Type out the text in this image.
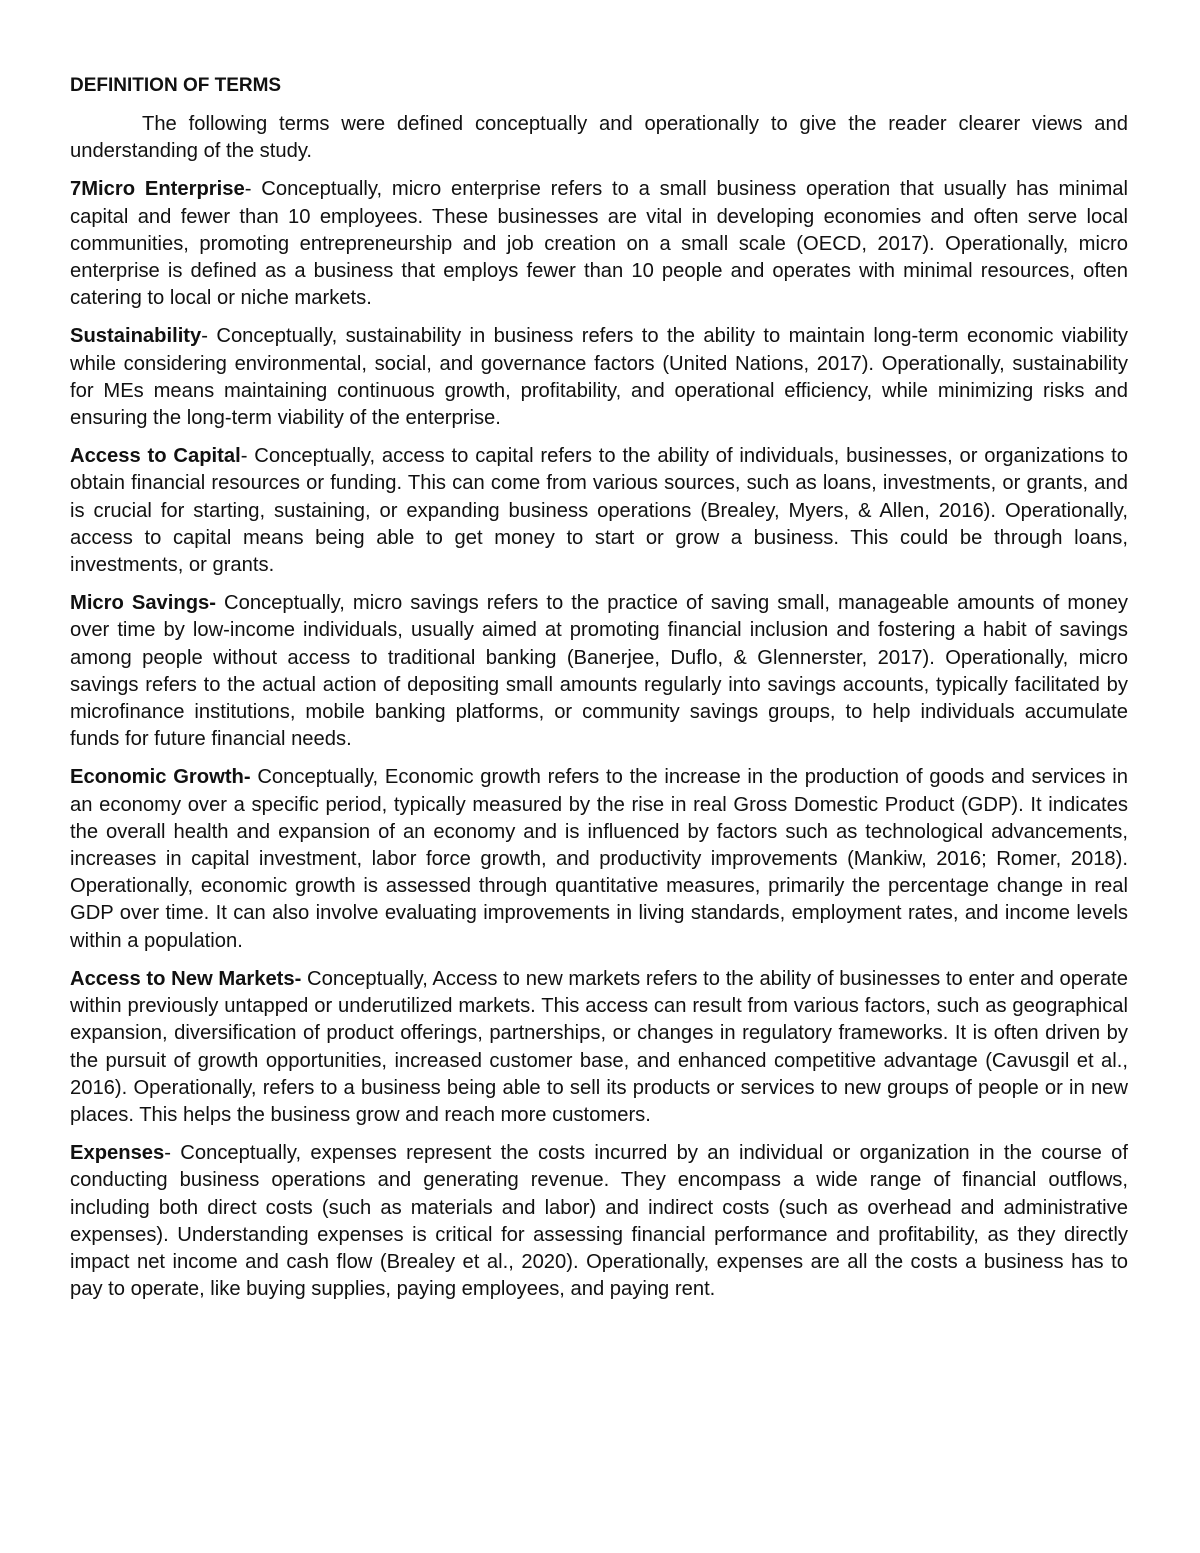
DEFINITION OF TERMS

The following terms were defined conceptually and operationally to give the reader clearer views and understanding of the study.

7Micro Enterprise- Conceptually, micro enterprise refers to a small business operation that usually has minimal capital and fewer than 10 employees. These businesses are vital in developing economies and often serve local communities, promoting entrepreneurship and job creation on a small scale (OECD, 2017). Operationally, micro enterprise is defined as a business that employs fewer than 10 people and operates with minimal resources, often catering to local or niche markets.

Sustainability- Conceptually, sustainability in business refers to the ability to maintain long-term economic viability while considering environmental, social, and governance factors (United Nations, 2017). Operationally, sustainability for MEs means maintaining continuous growth, profitability, and operational efficiency, while minimizing risks and ensuring the long-term viability of the enterprise.

Access to Capital- Conceptually, access to capital refers to the ability of individuals, businesses, or organizations to obtain financial resources or funding. This can come from various sources, such as loans, investments, or grants, and is crucial for starting, sustaining, or expanding business operations (Brealey, Myers, & Allen, 2016). Operationally, access to capital means being able to get money to start or grow a business. This could be through loans, investments, or grants.

Micro Savings- Conceptually, micro savings refers to the practice of saving small, manageable amounts of money over time by low-income individuals, usually aimed at promoting financial inclusion and fostering a habit of savings among people without access to traditional banking (Banerjee, Duflo, & Glennerster, 2017). Operationally, micro savings refers to the actual action of depositing small amounts regularly into savings accounts, typically facilitated by microfinance institutions, mobile banking platforms, or community savings groups, to help individuals accumulate funds for future financial needs.

Economic Growth- Conceptually, Economic growth refers to the increase in the production of goods and services in an economy over a specific period, typically measured by the rise in real Gross Domestic Product (GDP). It indicates the overall health and expansion of an economy and is influenced by factors such as technological advancements, increases in capital investment, labor force growth, and productivity improvements (Mankiw, 2016; Romer, 2018). Operationally, economic growth is assessed through quantitative measures, primarily the percentage change in real GDP over time. It can also involve evaluating improvements in living standards, employment rates, and income levels within a population.

Access to New Markets- Conceptually, Access to new markets refers to the ability of businesses to enter and operate within previously untapped or underutilized markets. This access can result from various factors, such as geographical expansion, diversification of product offerings, partnerships, or changes in regulatory frameworks. It is often driven by the pursuit of growth opportunities, increased customer base, and enhanced competitive advantage (Cavusgil et al., 2016). Operationally, refers to a business being able to sell its products or services to new groups of people or in new places. This helps the business grow and reach more customers.

Expenses- Conceptually, expenses represent the costs incurred by an individual or organization in the course of conducting business operations and generating revenue. They encompass a wide range of financial outflows, including both direct costs (such as materials and labor) and indirect costs (such as overhead and administrative expenses). Understanding expenses is critical for assessing financial performance and profitability, as they directly impact net income and cash flow (Brealey et al., 2020). Operationally, expenses are all the costs a business has to pay to operate, like buying supplies, paying employees, and paying rent.
